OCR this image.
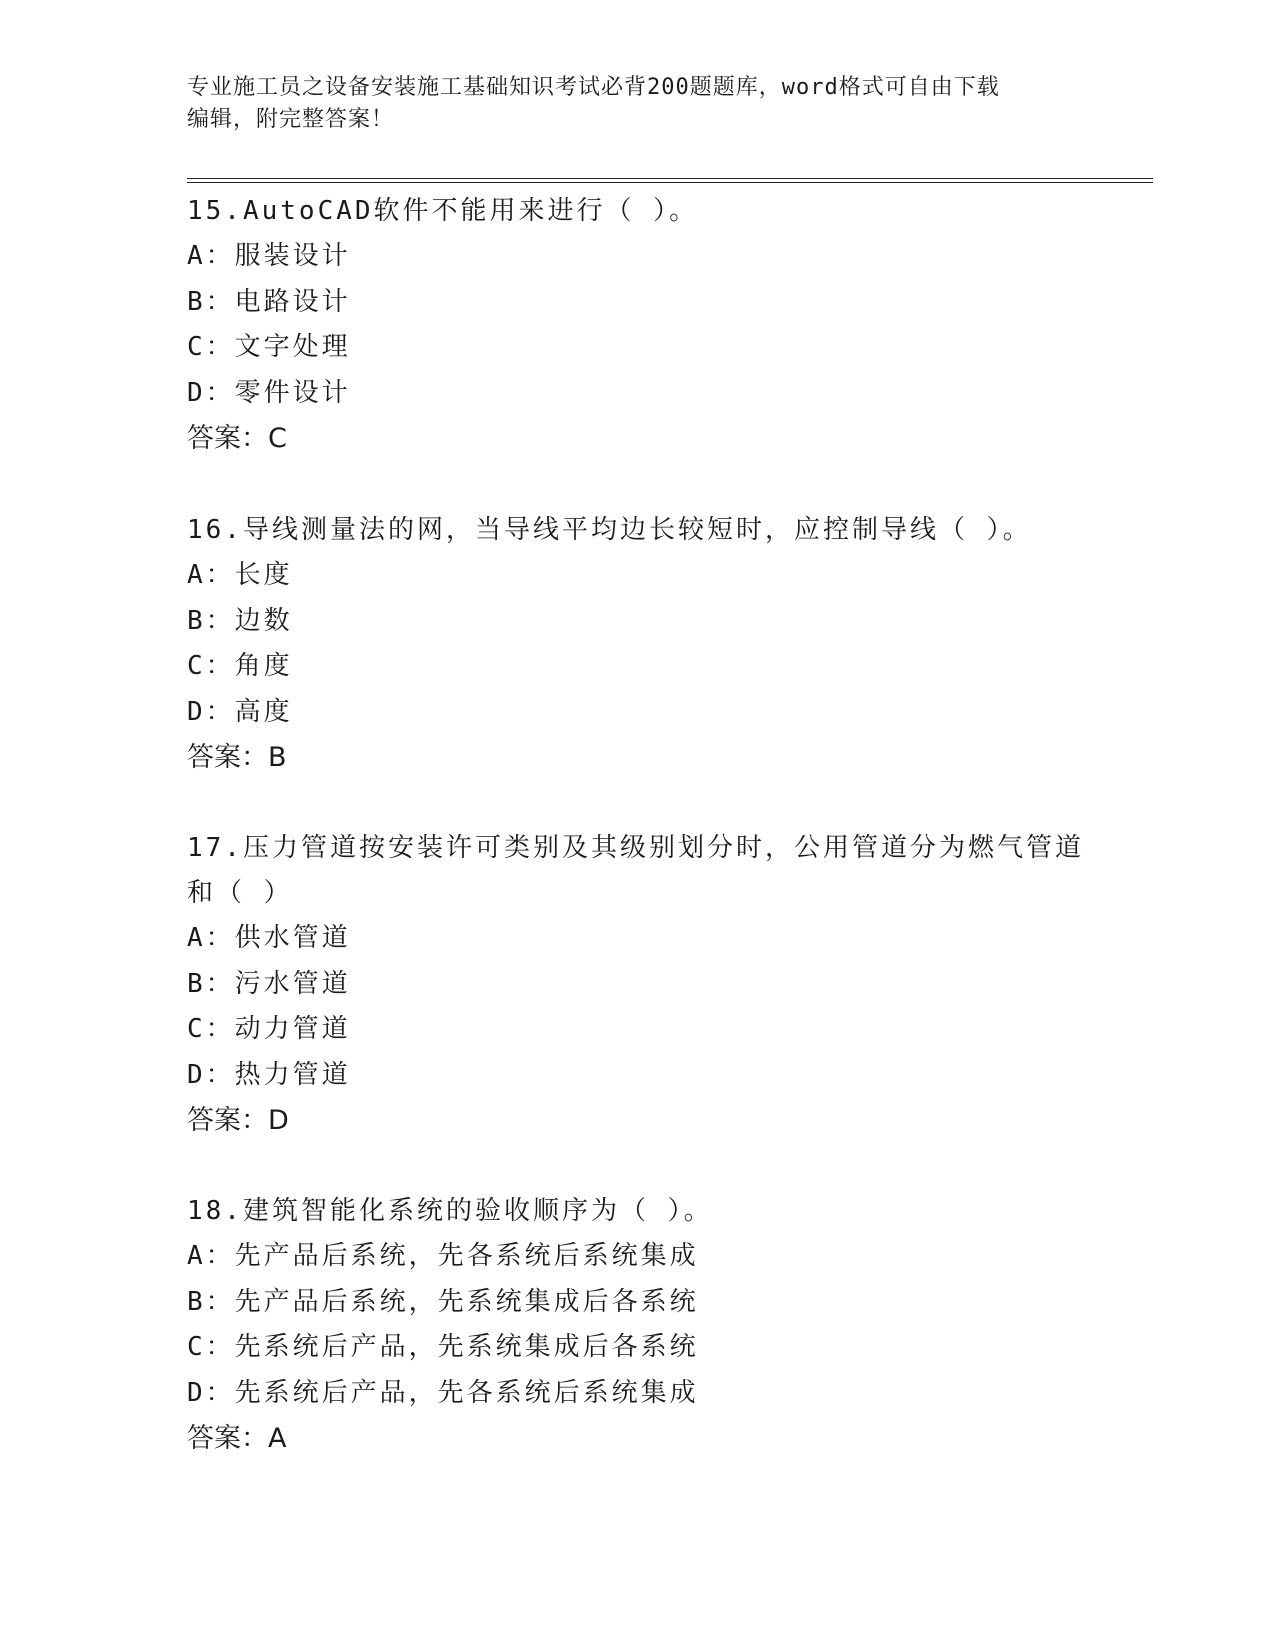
专业施工员之设备安装施工基础知识考试必背200题题库，word格式可自由下载
编辑，附完整答案！

15.AutoCAD软件不能用来进行（ ）。

A：服装设计

B：电路设计

C：文字处理

D：零件设计

答案：C

16.导线测量法的网，当导线平均边长较短时，应控制导线（ ）。

A：长度

B：边数

C：角度

D：高度

答案：B

17.压力管道按安装许可类别及其级别划分时，公用管道分为燃气管道

和（ ）

A：供水管道

B：污水管道

C：动力管道

D：热力管道

答案：D

18.建筑智能化系统的验收顺序为（ ）。

A：先产品后系统，先各系统后系统集成

B：先产品后系统，先系统集成后各系统

C：先系统后产品，先系统集成后各系统

D：先系统后产品，先各系统后系统集成

答案：A
